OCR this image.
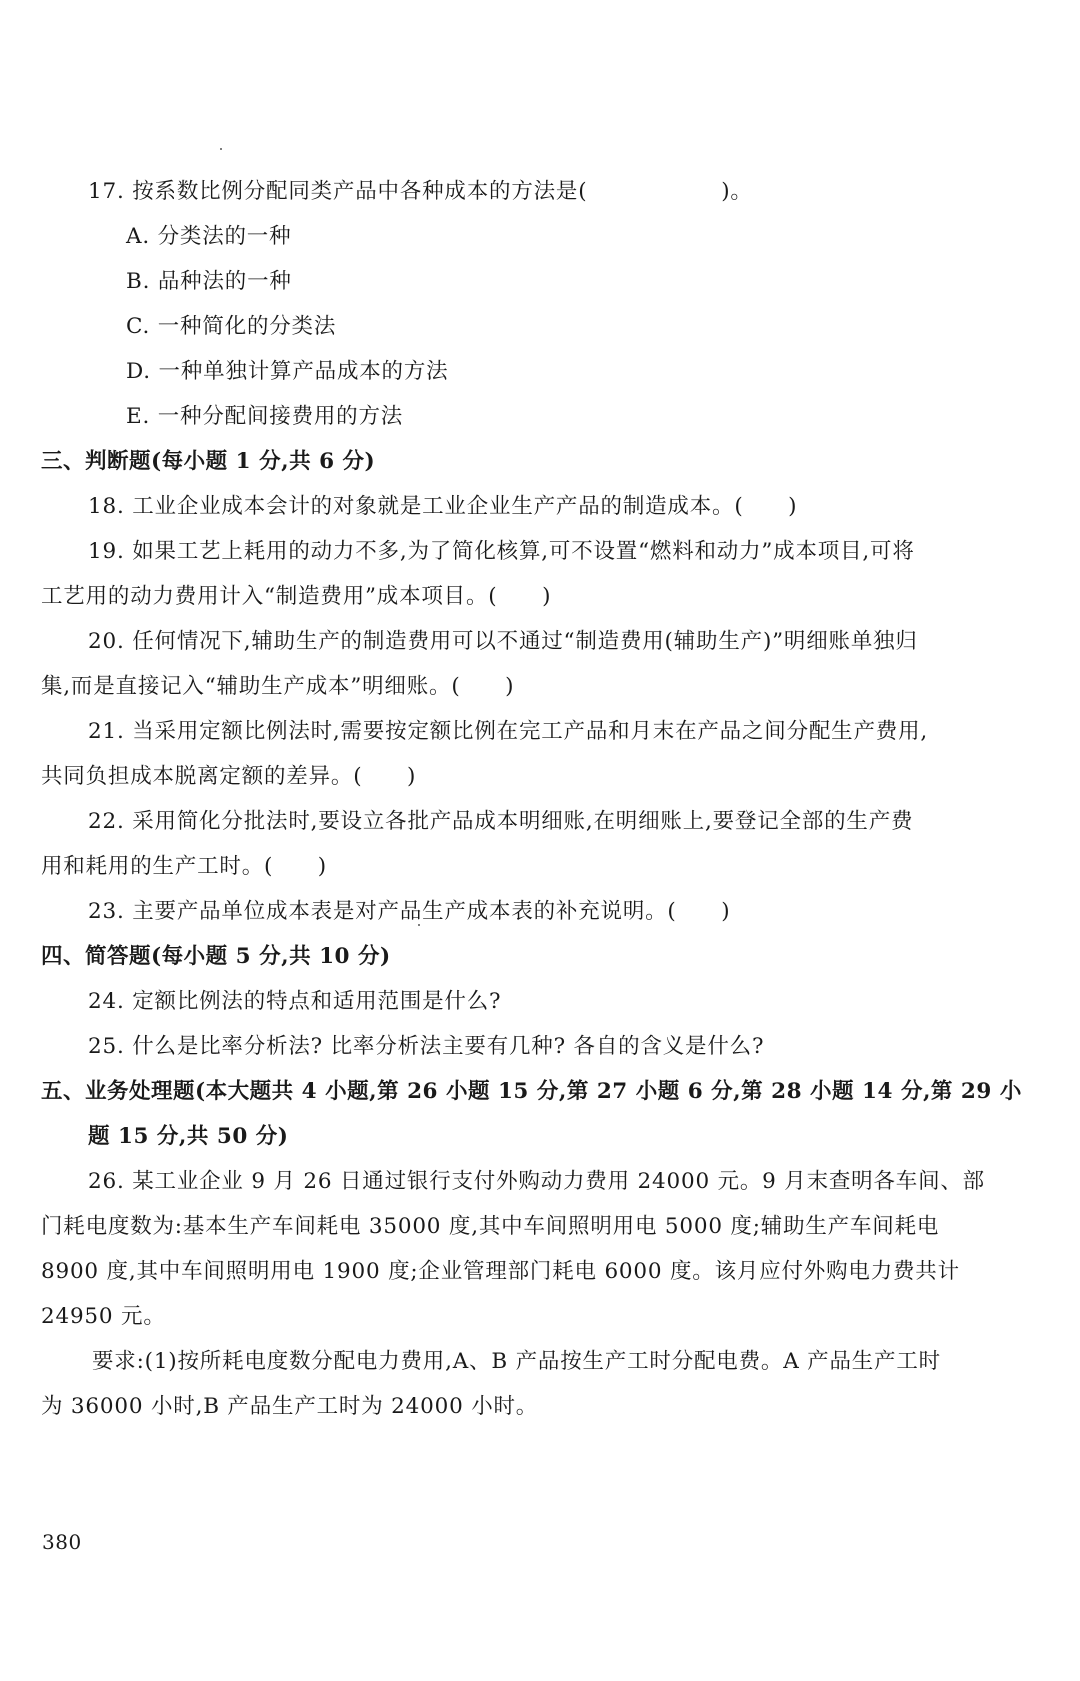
17. 按系数比例分配同类产品中各种成本的方法是(　　　　　　)。
A. 分类法的一种
B. 品种法的一种
C. 一种简化的分类法
D. 一种单独计算产品成本的方法
E. 一种分配间接费用的方法
三、判断题(每小题 1 分,共 6 分)
18. 工业企业成本会计的对象就是工业企业生产产品的制造成本。(　　)
19. 如果工艺上耗用的动力不多,为了简化核算,可不设置“燃料和动力”成本项目,可将
工艺用的动力费用计入“制造费用”成本项目。(　　)
20. 任何情况下,辅助生产的制造费用可以不通过“制造费用(辅助生产)”明细账单独归
集,而是直接记入“辅助生产成本”明细账。(　　)
21. 当采用定额比例法时,需要按定额比例在完工产品和月末在产品之间分配生产费用,
共同负担成本脱离定额的差异。(　　)
22. 采用简化分批法时,要设立各批产品成本明细账,在明细账上,要登记全部的生产费
用和耗用的生产工时。(　　)
23. 主要产品单位成本表是对产品生产成本表的补充说明。(　　)
四、简答题(每小题 5 分,共 10 分)
24. 定额比例法的特点和适用范围是什么?
25. 什么是比率分析法? 比率分析法主要有几种? 各自的含义是什么?
五、业务处理题(本大题共 4 小题,第 26 小题 15 分,第 27 小题 6 分,第 28 小题 14 分,第 29 小
题 15 分,共 50 分)
26. 某工业企业 9 月 26 日通过银行支付外购动力费用 24000 元。9 月末查明各车间、部
门耗电度数为:基本生产车间耗电 35000 度,其中车间照明用电 5000 度;辅助生产车间耗电
8900 度,其中车间照明用电 1900 度;企业管理部门耗电 6000 度。该月应付外购电力费共计
24950 元。
要求:(1)按所耗电度数分配电力费用,A、B 产品按生产工时分配电费。A 产品生产工时
为 36000 小时,B 产品生产工时为 24000 小时。
380
